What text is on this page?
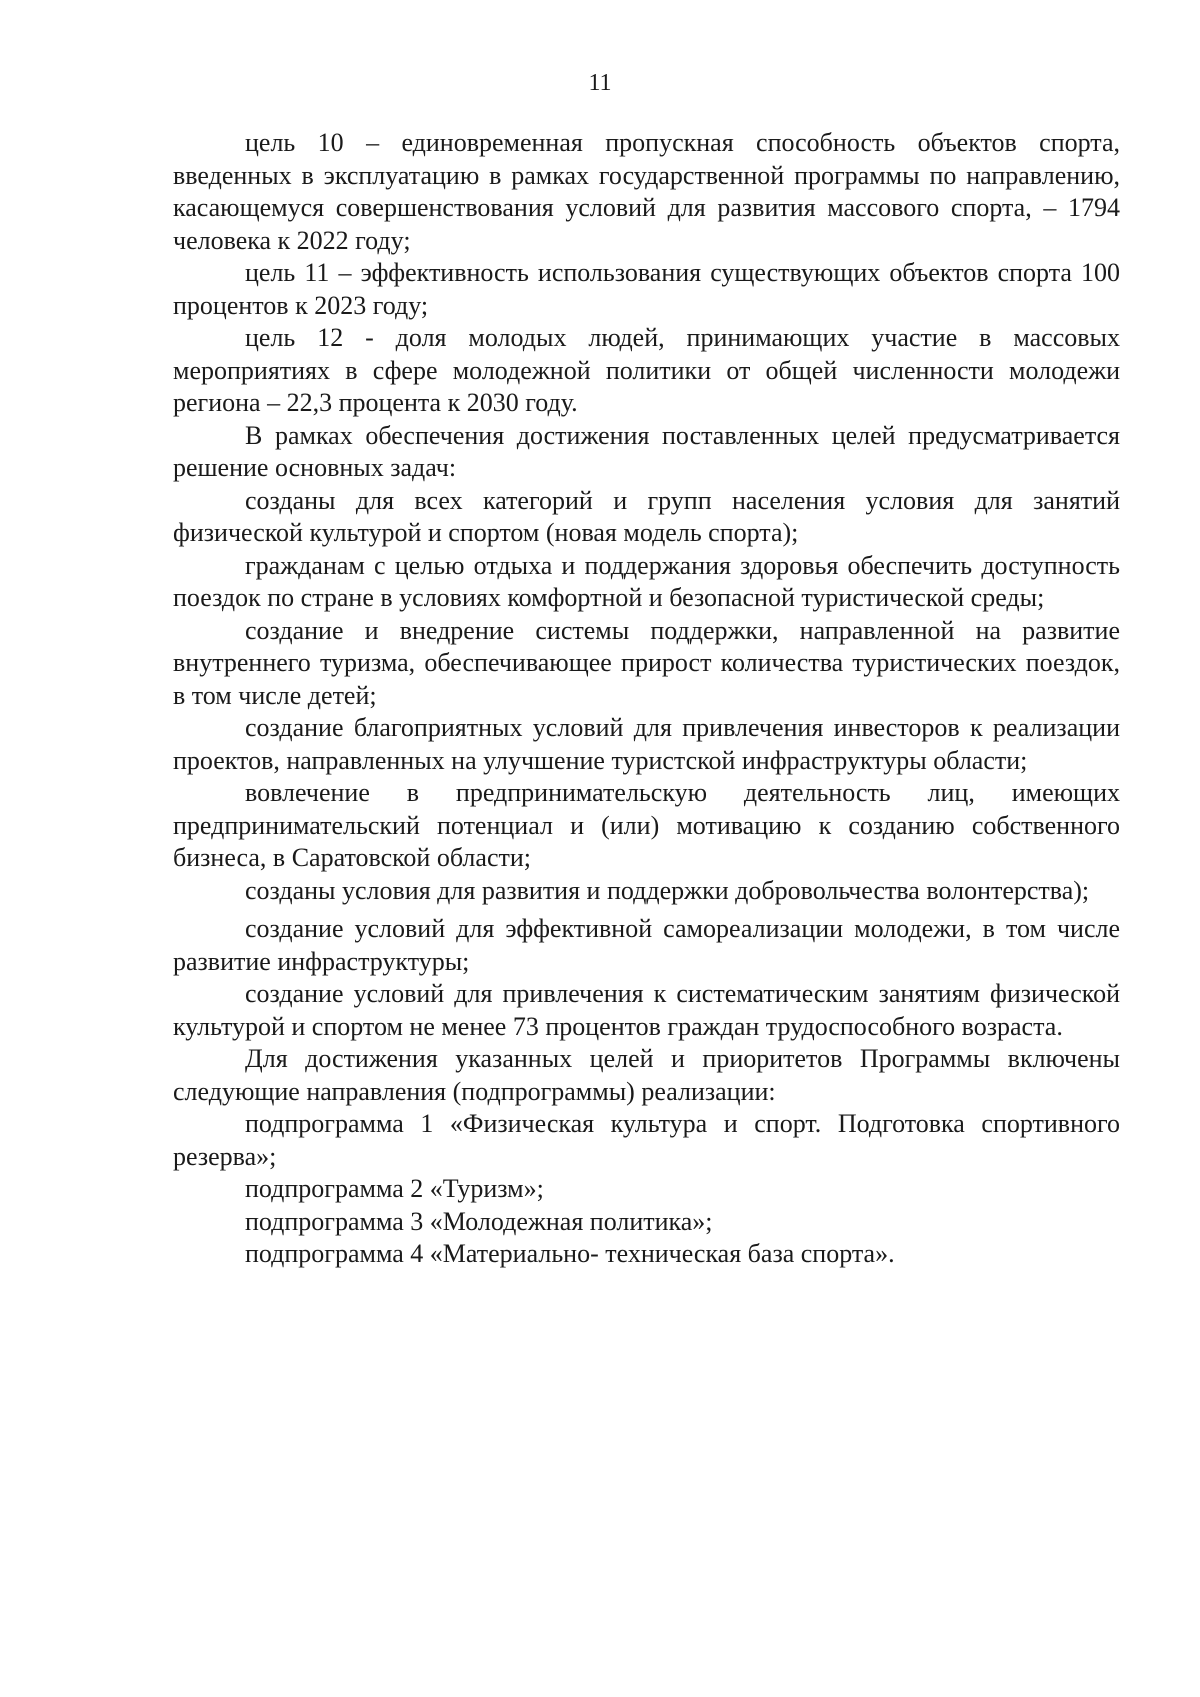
11

цель 10 – единовременная пропускная способность объектов спорта, введенных в эксплуатацию в рамках государственной программы по направлению, касающемуся совершенствования условий для развития массового спорта, – 1794 человека к 2022 году;

цель 11 – эффективность использования существующих объектов спорта 100 процентов к 2023 году;

цель 12 - доля молодых людей, принимающих участие в массовых мероприятиях в сфере молодежной политики от общей численности молодежи региона – 22,3 процента к 2030 году.

В рамках обеспечения достижения поставленных целей предусматривается решение основных задач:

созданы для всех категорий и групп населения условия для занятий физической культурой и спортом (новая модель спорта);

гражданам с целью отдыха и поддержания здоровья обеспечить доступность поездок по стране в условиях комфортной и безопасной туристической среды;

создание и внедрение системы поддержки, направленной на развитие внутреннего туризма, обеспечивающее прирост количества туристических поездок, в том числе детей;

создание благоприятных условий для привлечения инвесторов к реализации проектов, направленных на улучшение туристской инфраструктуры области;

вовлечение в предпринимательскую деятельность лиц, имеющих предпринимательский потенциал и (или) мотивацию к созданию собственного бизнеса, в Саратовской области;

созданы условия для развития и поддержки добровольчества волонтерства);

создание условий для эффективной самореализации молодежи, в том числе развитие инфраструктуры;

создание условий для привлечения к систематическим занятиям физической культурой и спортом не менее 73 процентов граждан трудоспособного возраста.

Для достижения указанных целей и приоритетов Программы включены следующие направления (подпрограммы) реализации:

подпрограмма 1 «Физическая культура и спорт. Подготовка спортивного резерва»;

подпрограмма 2 «Туризм»;

подпрограмма 3 «Молодежная политика»;

подпрограмма 4 «Материально- техническая база спорта».
